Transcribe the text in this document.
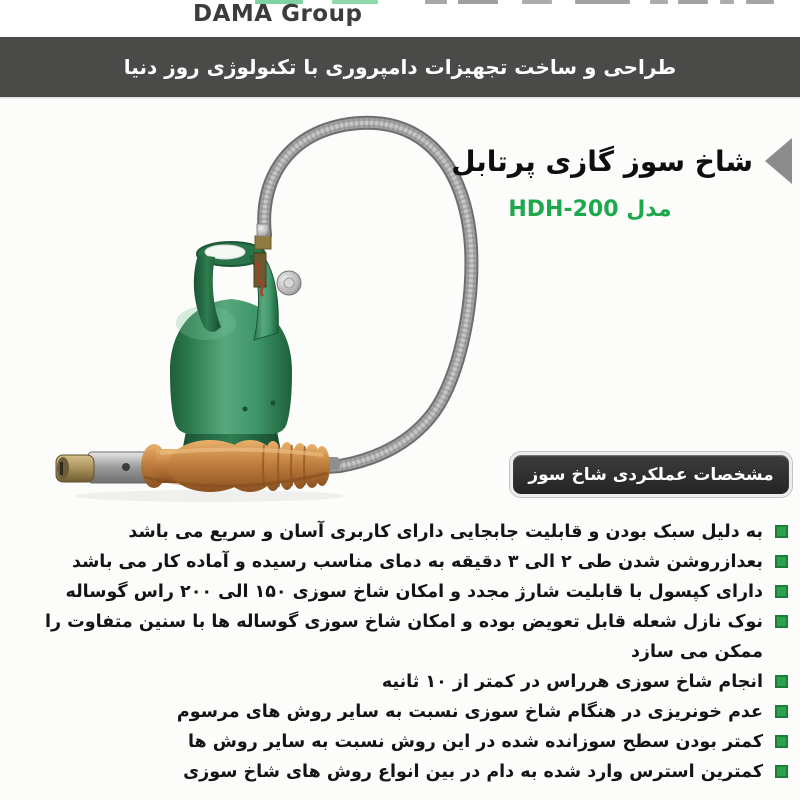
DAMA Group
طراحی و ساخت تجهیزات دامپروری با تکنولوژی روز دنیا
شاخ سوز گازی پرتابل
مدل HDH-200
مشخصات عملکردی شاخ سوز
به دلیل سبک بودن و قابلیت جابجایی دارای کاربری آسان و سریع می باشد
بعدازروشن شدن طی ۲ الی ۳ دقیقه به دمای مناسب رسیده و آماده کار می باشد
دارای کپسول با قابلیت شارژ مجدد و امکان شاخ سوزی ۱۵۰ الی ۲۰۰ راس گوساله
نوک نازل شعله قابل تعویض بوده و امکان شاخ سوزی گوساله ها با سنین متفاوت را ممکن می سازد
انجام شاخ سوزی هرراس در کمتر از ۱۰ ثانیه
عدم خونریزی در هنگام شاخ سوزی نسبت به سایر روش های مرسوم
کمتر بودن سطح سوزانده شده در این روش نسبت به سایر روش ها
کمترین استرس وارد شده به دام در بین انواع روش های شاخ سوزی
